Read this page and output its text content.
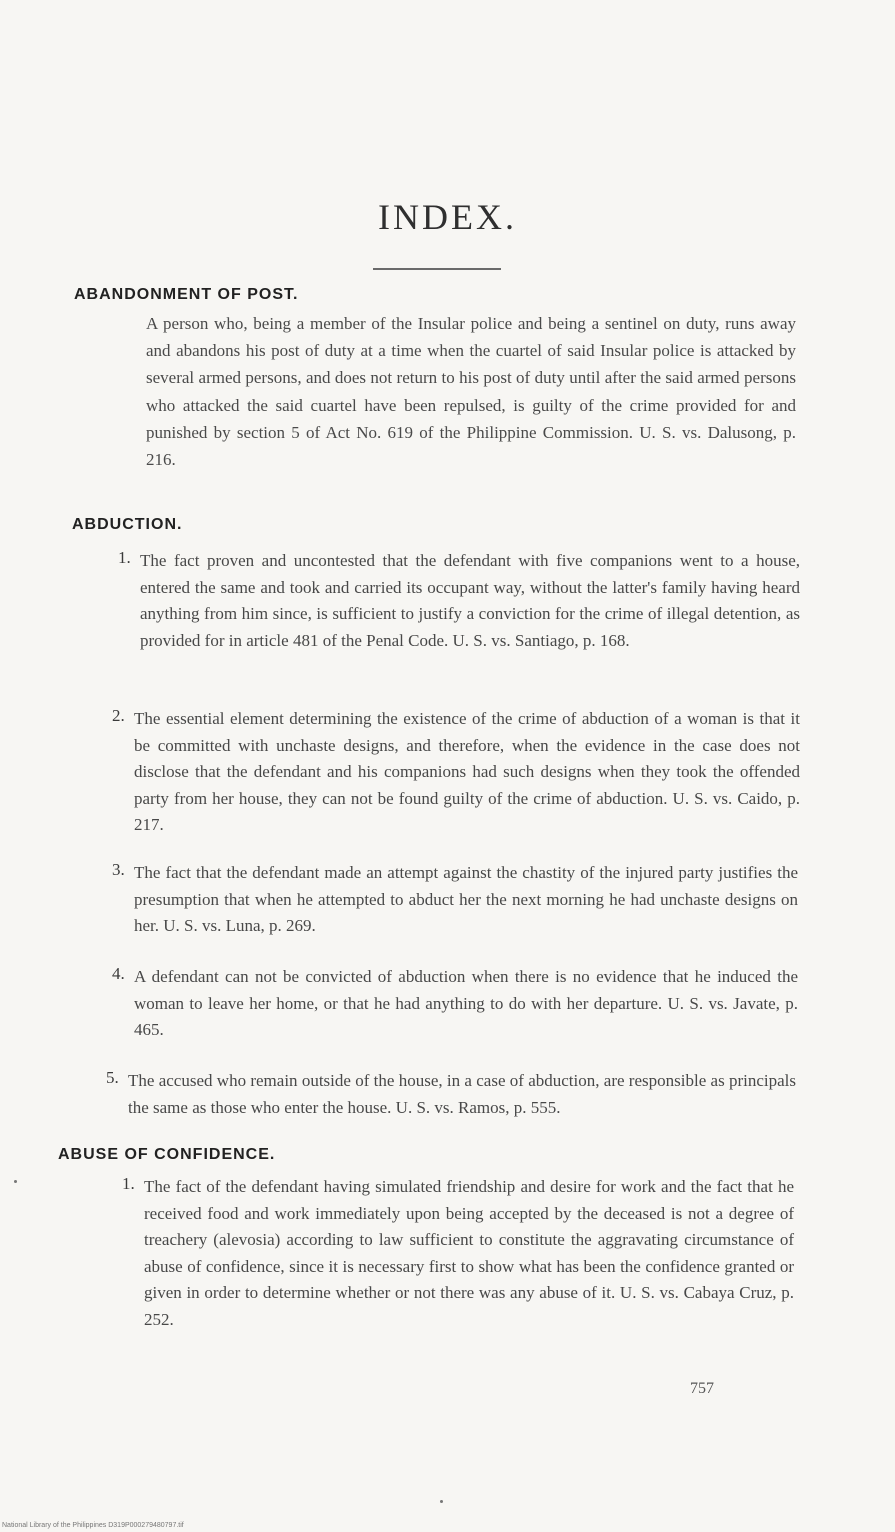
INDEX.
ABANDONMENT OF POST.
A person who, being a member of the Insular police and being a sentinel on duty, runs away and abandons his post of duty at a time when the cuartel of said Insular police is attacked by several armed persons, and does not return to his post of duty until after the said armed persons who attacked the said cuartel have been repulsed, is guilty of the crime provided for and punished by section 5 of Act No. 619 of the Philippine Commission. U. S. vs. Dalusong, p. 216.
ABDUCTION.
1. The fact proven and uncontested that the defendant with five companions went to a house, entered the same and took and carried its occupant way, without the latter's family having heard anything from him since, is sufficient to justify a conviction for the crime of illegal detention, as provided for in article 481 of the Penal Code. U. S. vs. Santiago, p. 168.
2. The essential element determining the existence of the crime of abduction of a woman is that it be committed with unchaste designs, and therefore, when the evidence in the case does not disclose that the defendant and his companions had such designs when they took the offended party from her house, they can not be found guilty of the crime of abduction. U. S. vs. Caido, p. 217.
3. The fact that the defendant made an attempt against the chastity of the injured party justifies the presumption that when he attempted to abduct her the next morning he had unchaste designs on her. U. S. vs. Luna, p. 269.
4. A defendant can not be convicted of abduction when there is no evidence that he induced the woman to leave her home, or that he had anything to do with her departure. U. S. vs. Javate, p. 465.
5. The accused who remain outside of the house, in a case of abduction, are responsible as principals the same as those who enter the house. U. S. vs. Ramos, p. 555.
ABUSE OF CONFIDENCE.
1. The fact of the defendant having simulated friendship and desire for work and the fact that he received food and work immediately upon being accepted by the deceased is not a degree of treachery (alevosia) according to law sufficient to constitute the aggravating circumstance of abuse of confidence, since it is necessary first to show what has been the confidence granted or given in order to determine whether or not there was any abuse of it. U. S. vs. Cabaya Cruz, p. 252.
757
National Library of the Philippines D319P000279480797.tif
